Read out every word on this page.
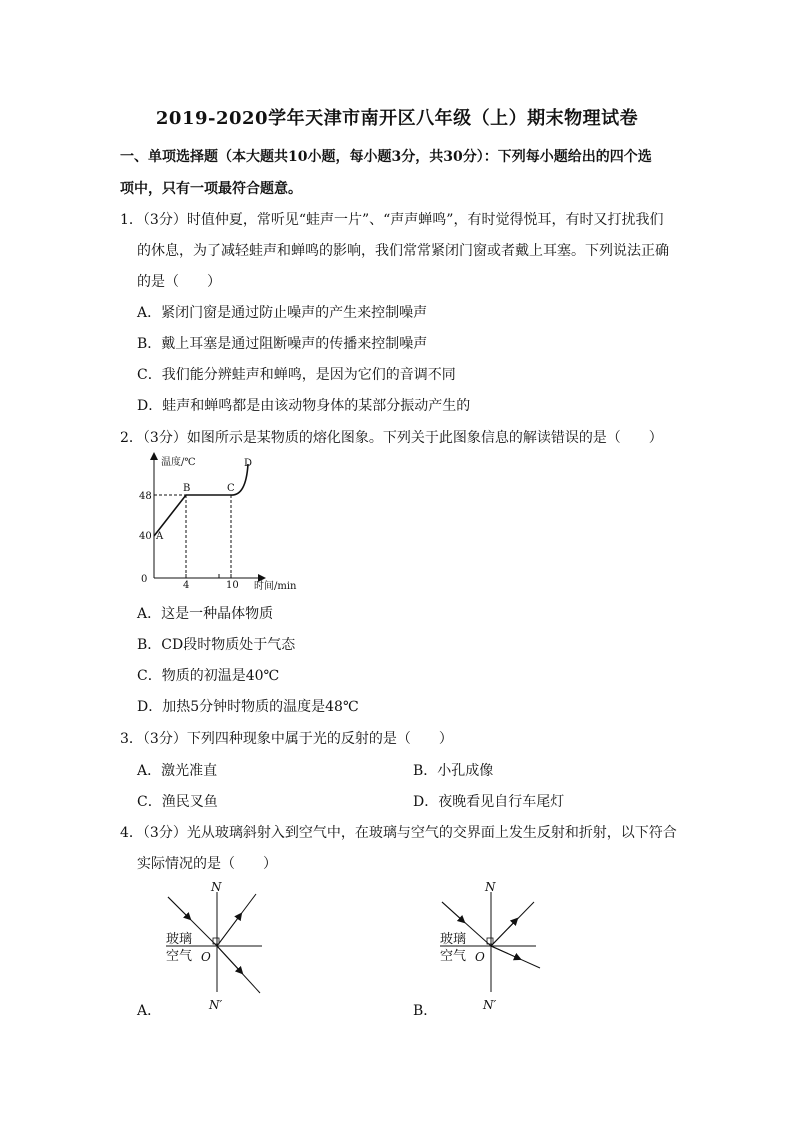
2019-2020学年天津市南开区八年级（上）期末物理试卷
一、单项选择题（本大题共10小题，每小题3分，共30分）：下列每小题给出的四个选
项中，只有一项最符合题意。
1．（3分）时值仲夏，常听见“蛙声一片”、“声声蝉鸣”，有时觉得悦耳，有时又打扰我们
的休息，为了减轻蛙声和蝉鸣的影响，我们常常紧闭门窗或者戴上耳塞。下列说法正确
的是（　　）
A．紧闭门窗是通过防止噪声的产生来控制噪声
B．戴上耳塞是通过阻断噪声的传播来控制噪声
C．我们能分辨蛙声和蝉鸣，是因为它们的音调不同
D．蛙声和蝉鸣都是由该动物身体的某部分振动产生的
2．（3分）如图所示是某物质的熔化图象。下列关于此图象信息的解读错误的是（　　）
温度/℃
时间/min
0
48
40
4	10
A
B	C
D
A．这是一种晶体物质
B．CD段时物质处于气态
C．物质的初温是40℃
D．加热5分钟时物质的温度是48℃
3．（3分）下列四种现象中属于光的反射的是（　　）
A．激光准直	B．小孔成像
C．渔民叉鱼	D．夜晚看见自行车尾灯
4．（3分）光从玻璃斜射入到空气中，在玻璃与空气的交界面上发生反射和折射，以下符合
实际情况的是（　　）
N
N′
O
玻璃
空气
A．
N
N′
O
玻璃
空气
B．
